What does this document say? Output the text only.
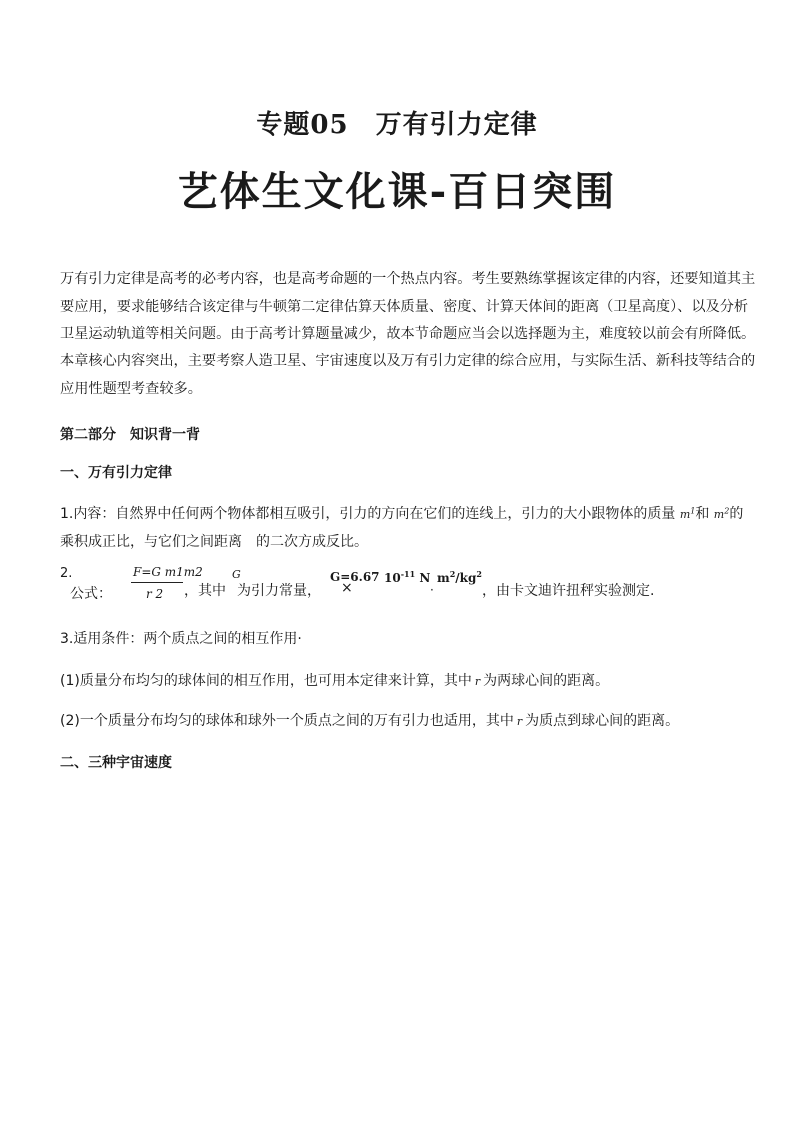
专题05　万有引力定律
艺体生文化课-百日突围
万有引力定律是高考的必考内容，也是高考命题的一个热点内容。考生要熟练掌握该定律的内容，还要知道其主
要应用，要求能够结合该定律与牛顿第二定律估算天体质量、密度、计算天体间的距离（卫星高度）、以及分析
卫星运动轨道等相关问题。由于高考计算题量减少，故本节命题应当会以选择题为主，难度较以前会有所降低。
本章核心内容突出，主要考察人造卫星、宇宙速度以及万有引力定律的综合应用，与实际生活、新科技等结合的
应用性题型考查较多。
第二部分　知识背一背
一、万有引力定律
1.内容：自然界中任何两个物体都相互吸引，引力的方向在它们的连线上，引力的大小跟物体的质量 $m^1$和 $m^2$的
乘积成正比，与它们之间距离　的二次方成反比。
2.
公式：
F=G m1m2
r 2 ，其中
G
为引力常量，
G=6.67
×
$10^{-11}$ N
·
$m^2/kg^2$
，由卡文迪许扭秤实验测定.
3.适用条件：两个质点之间的相互作用·
(1)质量分布均匀的球体间的相互作用，也可用本定律来计算，其中 r 为两球心间的距离。
(2)一个质量分布均匀的球体和球外一个质点之间的万有引力也适用，其中 r 为质点到球心间的距离。
二、三种宇宙速度
